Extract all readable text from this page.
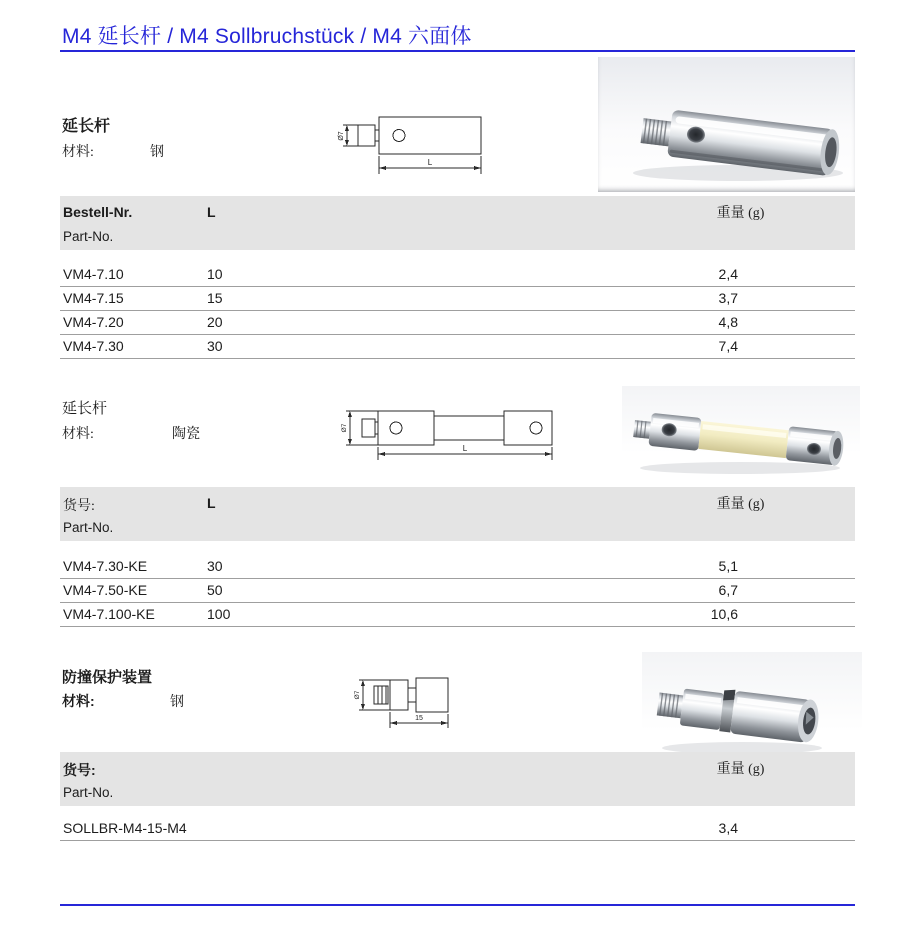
M4 延长杆 / M4 Sollbruchstück / M4 六面体
延长杆
材料:	钢
Ø7
L
Bestell-Nr.
Part-No.
L	重量 (g)
VM4-7.10	10	2,4
VM4-7.15	15	3,7
VM4-7.20	20	4,8
VM4-7.30	30	7,4
延长杆
材料:	陶瓷	Ø7
L
货号:
Part-No.
L	重量 (g)
VM4-7.30-KE	30	5,1
VM4-7.50-KE	50	6,7
VM4-7.100-KE	100	10,6
防撞保护装置
材料:	钢	Ø7
15
货号:
Part-No.
重量 (g)
SOLLBR-M4-15-M4	3,4
